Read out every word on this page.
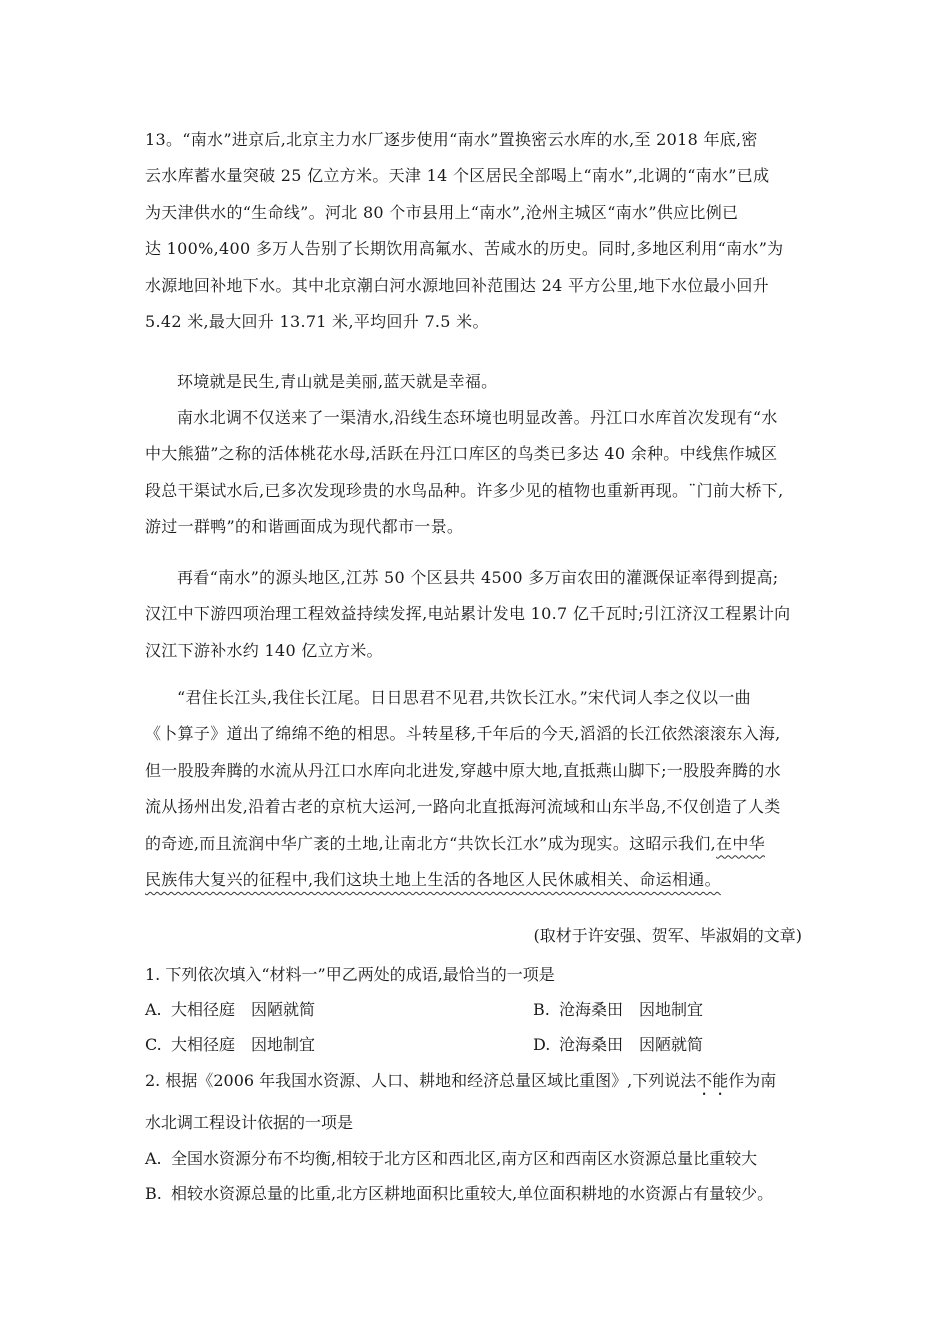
13。“南水”进京后,北京主力水厂逐步使用“南水”置换密云水库的水,至 2018 年底,密
云水库蓄水量突破 25 亿立方米。天津 14 个区居民全部喝上“南水”,北调的“南水”已成
为天津供水的“生命线”。河北 80 个市县用上“南水”,沧州主城区“南水”供应比例已
达 100%,400 多万人告别了长期饮用高氟水、苦咸水的历史。同时,多地区利用“南水”为
水源地回补地下水。其中北京潮白河水源地回补范围达 24 平方公里,地下水位最小回升
5.42 米,最大回升 13.71 米,平均回升 7.5 米。
环境就是民生,青山就是美丽,蓝天就是幸福。
南水北调不仅送来了一渠清水,沿线生态环境也明显改善。丹江口水库首次发现有“水
中大熊猫”之称的活体桃花水母,活跃在丹江口库区的鸟类已多达 40 余种。中线焦作城区
段总干渠试水后,已多次发现珍贵的水鸟品种。许多少见的植物也重新再现。¨门前大桥下,
游过一群鸭”的和谐画面成为现代都市一景。
再看“南水”的源头地区,江苏 50 个区县共 4500 多万亩农田的灌溉保证率得到提高;
汉江中下游四项治理工程效益持续发挥,电站累计发电 10.7 亿千瓦时;引江济汉工程累计向
汉江下游补水约 140 亿立方米。
“君住长江头,我住长江尾。日日思君不见君,共饮长江水。”宋代词人李之仪以一曲
《卜算子》道出了绵绵不绝的相思。斗转星移,千年后的今天,滔滔的长江依然滚滚东入海,
但一股股奔腾的水流从丹江口水库向北进发,穿越中原大地,直抵燕山脚下;一股股奔腾的水
流从扬州出发,沿着古老的京杭大运河,一路向北直抵海河流域和山东半岛,不仅创造了人类
的奇迹,而且流润中华广袤的土地,让南北方“共饮长江水”成为现实。这昭示我们,在中华
民族伟大复兴的征程中,我们这块土地上生活的各地区人民休戚相关、命运相通。
(取材于许安强、贺军、毕淑娟的文章)
1. 下列依次填入“材料一”甲乙两处的成语,最恰当的一项是
A. 大相径庭 因陋就简	B. 沧海桑田 因地制宜
C. 大相径庭 因地制宜	D. 沧海桑田 因陋就简
2. 根据《2006 年我国水资源、人口、耕地和经济总量区域比重图》,下列说法不能作为南
水北调工程设计依据的一项是
A. 全国水资源分布不均衡,相较于北方区和西北区,南方区和西南区水资源总量比重较大
B. 相较水资源总量的比重,北方区耕地面积比重较大,单位面积耕地的水资源占有量较少。
